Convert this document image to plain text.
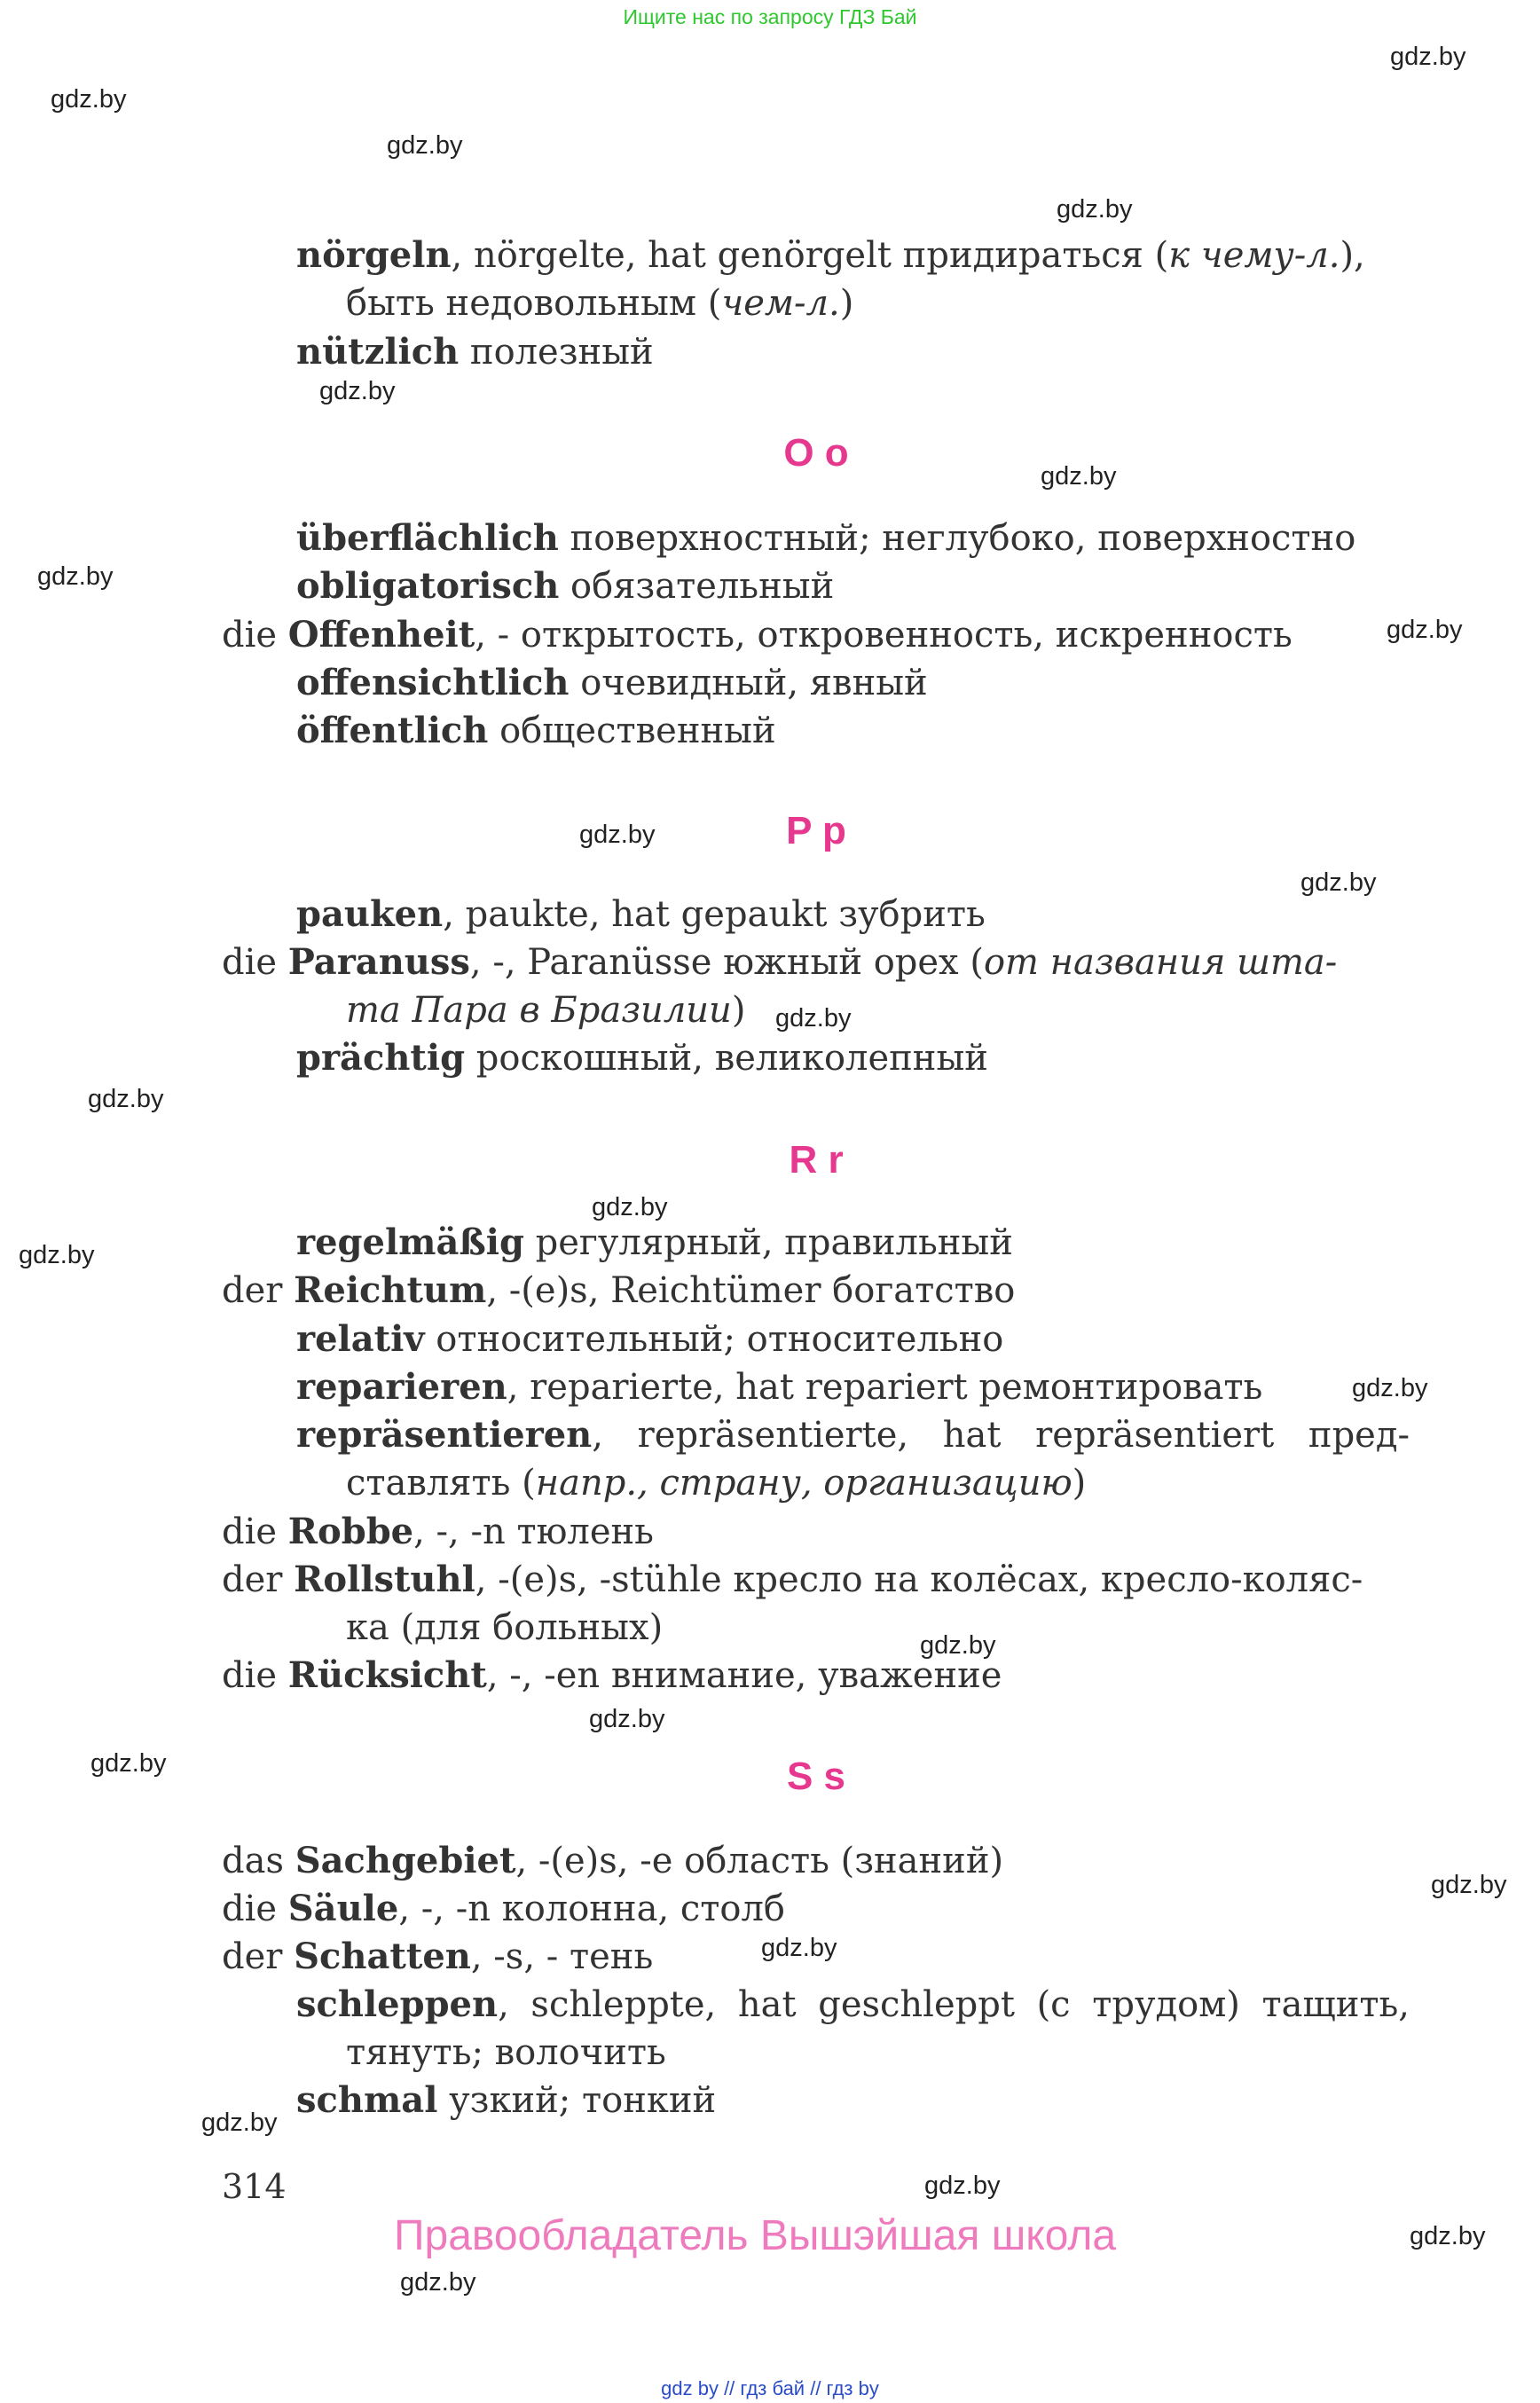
Ищите нас по запросу ГДЗ Бай
gdz.by
gdz.by
gdz.by
gdz.by
gdz.by
gdz.by
gdz.by
gdz.by
gdz.by
gdz.by
gdz.by
gdz.by
gdz.by
gdz.by
gdz.by
gdz.by
gdz.by
gdz.by
gdz.by
gdz.by
gdz.by
gdz.by
gdz.by
gdz.by
nörgeln, nörgelte, hat genörgelt придираться (к чему-л.),
быть недовольным (чем-л.)
nützlich полезный
O o
überflächlich поверхностный; неглубоко, поверхностно
obligatorisch обязательный
die Offenheit, - открытость, откровенность, искренность
offensichtlich очевидный, явный
öffentlich общественный
P p
pauken, paukte, hat gepaukt зубрить
die Paranuss, -, Paranüsse южный орех (от названия шта-
та Пара в Бразилии)
prächtig роскошный, великолепный
R r
regelmäßig регулярный, правильный
der Reichtum, -(e)s, Reichtümer богатство
relativ относительный; относительно
reparieren, reparierte, hat repariert ремонтировать
repräsentieren, repräsentierte, hat repräsentiert пред-
ставлять (напр., страну, организацию)
die Robbe, -, -n тюлень
der Rollstuhl, -(e)s, -stühle кресло на колёсах, кресло-коляс-
ка (для больных)
die Rücksicht, -, -en внимание, уважение
S s
das Sachgebiet, -(e)s, -e область (знаний)
die Säule, -, -n колонна, столб
der Schatten, -s, - тень
schleppen, schleppte, hat geschleppt (с трудом) тащить,
тянуть; волочить
schmal узкий; тонкий
314
Правообладатель Вышэйшая школа
gdz by // гдз бай // гдз by
